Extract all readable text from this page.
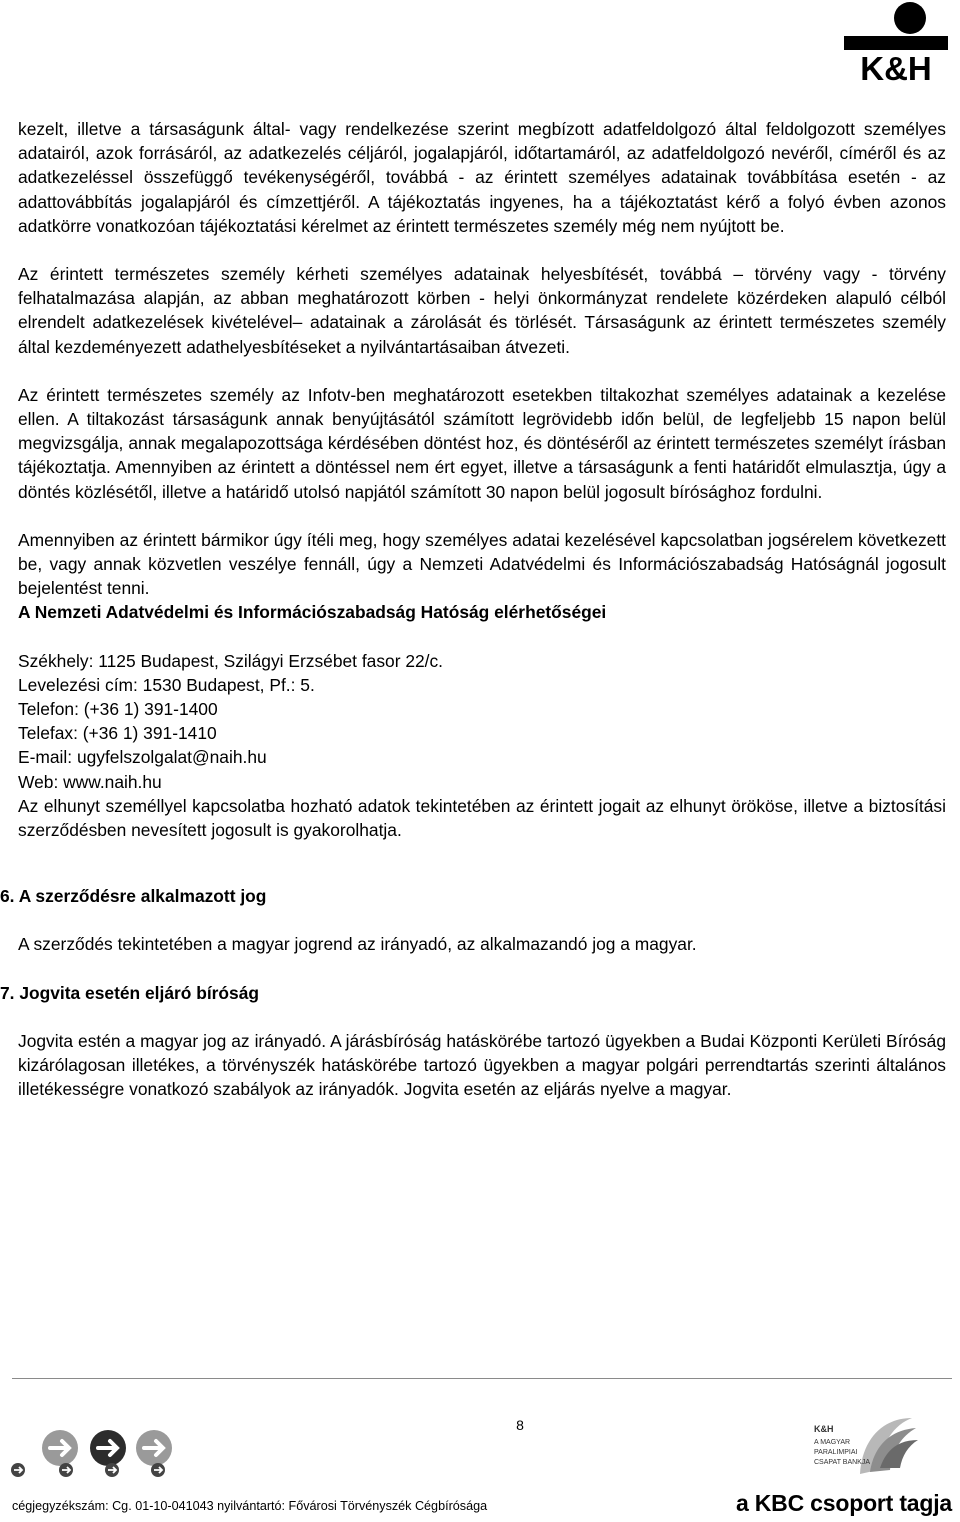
K&H

kezelt, illetve a társaságunk által- vagy rendelkezése szerint megbízott adatfeldolgozó által feldolgozott személyes adatairól, azok forrásáról, az adatkezelés céljáról, jogalapjáról, időtartamáról, az adatfeldolgozó nevéről, címéről és az adatkezeléssel összefüggő tevékenységéről, továbbá - az érintett személyes adatainak továbbítása esetén - az adattovábbítás jogalapjáról és címzettjéről. A tájékoztatás ingyenes, ha a tájékoztatást kérő a folyó évben azonos adatkörre vonatkozóan tájékoztatási kérelmet az érintett természetes személy még nem nyújtott be.

Az érintett természetes személy kérheti személyes adatainak helyesbítését, továbbá – törvény vagy - törvény felhatalmazása alapján, az abban meghatározott körben - helyi önkormányzat rendelete közérdeken alapuló célból elrendelt adatkezelések kivételével– adatainak a zárolását és törlését. Társaságunk az érintett természetes személy által kezdeményezett adathelyesbítéseket a nyilvántartásaiban átvezeti.

Az érintett természetes személy az Infotv-ben meghatározott esetekben tiltakozhat személyes adatainak a kezelése ellen. A tiltakozást társaságunk annak benyújtásától számított legrövidebb időn belül, de legfeljebb 15 napon belül megvizsgálja, annak megalapozottsága kérdésében döntést hoz, és döntéséről az érintett természetes személyt írásban tájékoztatja. Amennyiben az érintett a döntéssel nem ért egyet, illetve a társaságunk a fenti határidőt elmulasztja, úgy a döntés közlésétől, illetve a határidő utolsó napjától számított 30 napon belül jogosult bírósághoz fordulni.

Amennyiben az érintett bármikor úgy ítéli meg, hogy személyes adatai kezelésével kapcsolatban jogsérelem következett be, vagy annak közvetlen veszélye fennáll, úgy a Nemzeti Adatvédelmi és Információszabadság Hatóságnál jogosult bejelentést tenni.

A Nemzeti Adatvédelmi és Információszabadság Hatóság elérhetőségei

Székhely: 1125 Budapest, Szilágyi Erzsébet fasor 22/c.

Levelezési cím: 1530 Budapest, Pf.: 5.

Telefon: (+36 1) 391-1400

Telefax: (+36 1) 391-1410

E-mail: ugyfelszolgalat@naih.hu

Web: www.naih.hu

Az elhunyt személlyel kapcsolatba hozható adatok tekintetében az érintett jogait az elhunyt örököse, illetve a biztosítási szerződésben nevesített jogosult is gyakorolhatja.

6. A szerződésre alkalmazott jog

A szerződés tekintetében a magyar jogrend az irányadó, az alkalmazandó jog a magyar.

7. Jogvita esetén eljáró bíróság

Jogvita estén a magyar jog az irányadó. A járásbíróság hatáskörébe tartozó ügyekben a Budai Központi Kerületi Bíróság kizárólagosan illetékes, a törvényszék hatáskörébe tartozó ügyekben a magyar polgári perrendtartás szerinti általános illetékességre vonatkozó szabályok az irányadók. Jogvita esetén az eljárás nyelve a magyar.

8	K&H
A MAGYAR
PARALIMPIAI
CSAPAT BANKJA
cégjegyzékszám: Cg. 01-10-041043 nyilvántartó: Fővárosi Törvényszék Cégbírósága	a KBC csoport tagja
